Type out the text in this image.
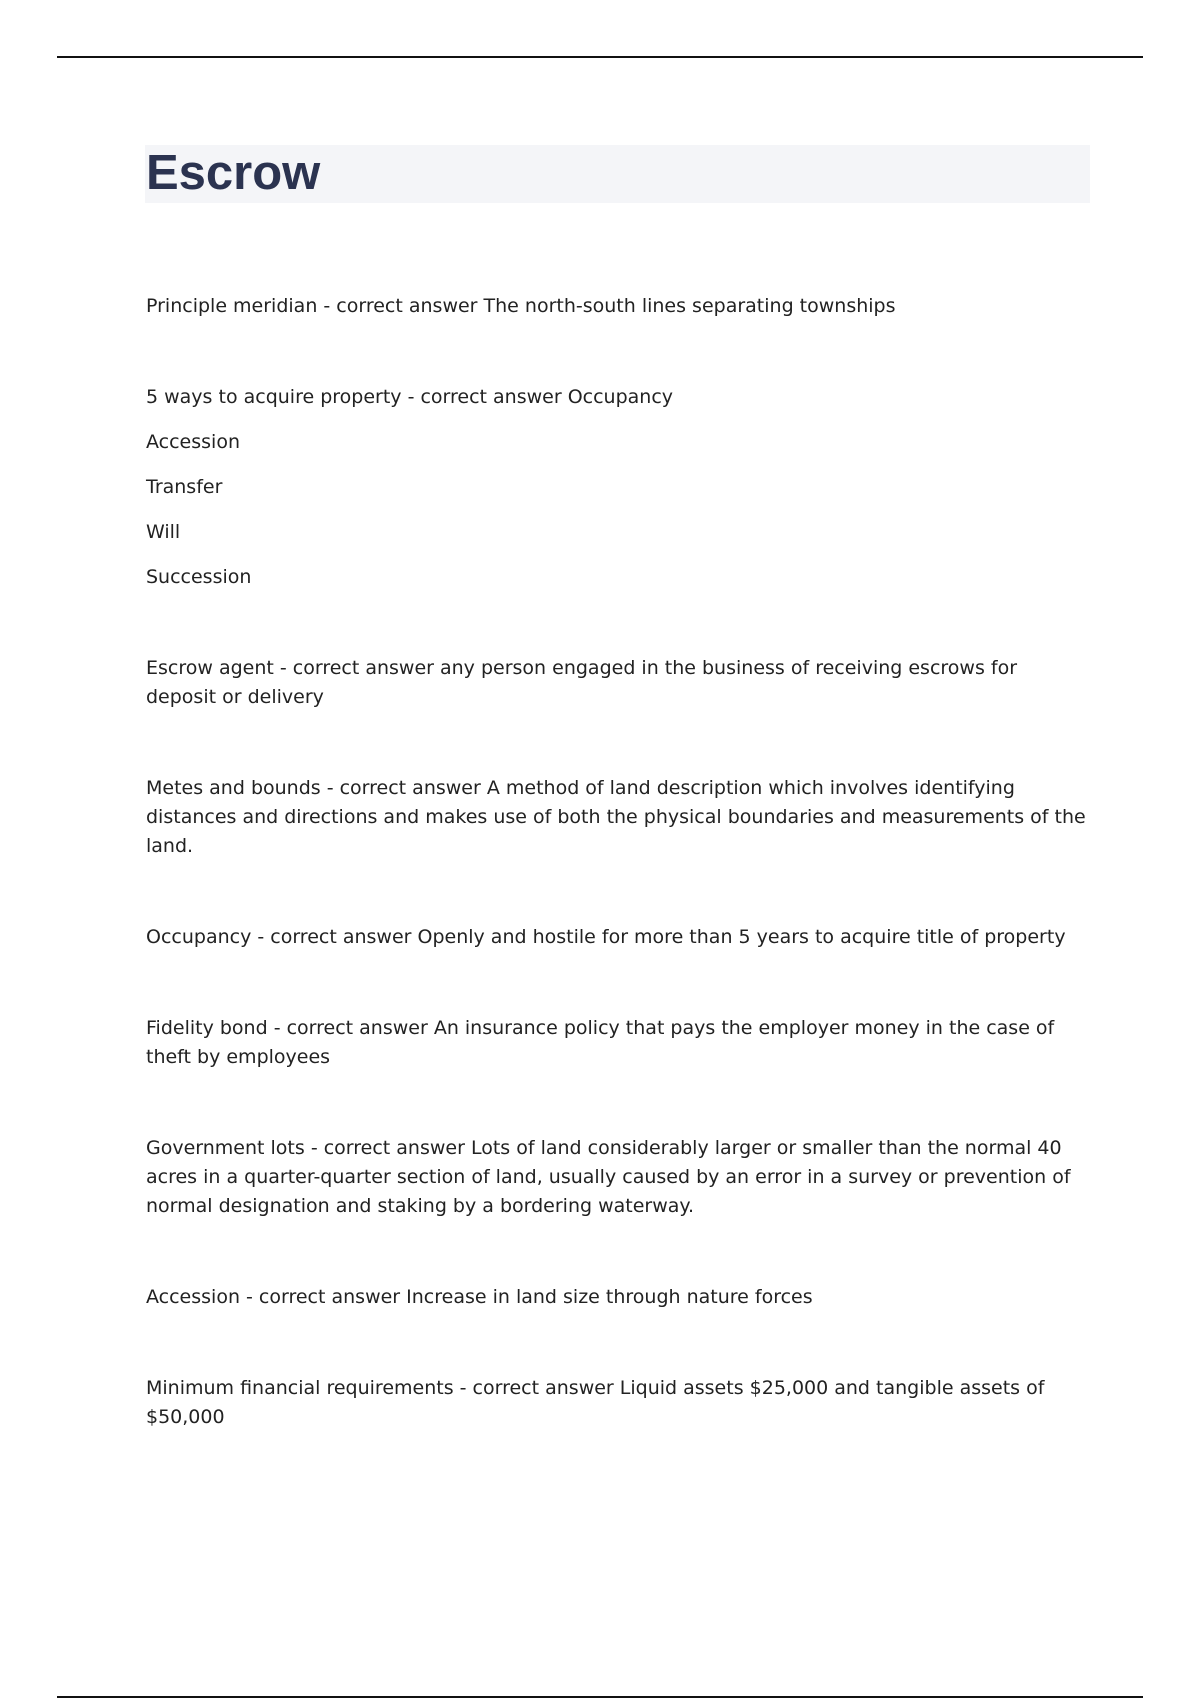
Escrow

Principle meridian - correct answer The north-south lines separating townships

5 ways to acquire property - correct answer Occupancy

Accession

Transfer

Will

Succession

Escrow agent - correct answer any person engaged in the business of receiving escrows for deposit or delivery

Metes and bounds - correct answer A method of land description which involves identifying distances and directions and makes use of both the physical boundaries and measurements of the land.

Occupancy - correct answer Openly and hostile for more than 5 years to acquire title of property

Fidelity bond - correct answer An insurance policy that pays the employer money in the case of theft by employees

Government lots - correct answer Lots of land considerably larger or smaller than the normal 40 acres in a quarter-quarter section of land, usually caused by an error in a survey or prevention of normal designation and staking by a bordering waterway.

Accession - correct answer Increase in land size through nature forces

Minimum financial requirements - correct answer Liquid assets $25,000 and tangible assets of $50,000
